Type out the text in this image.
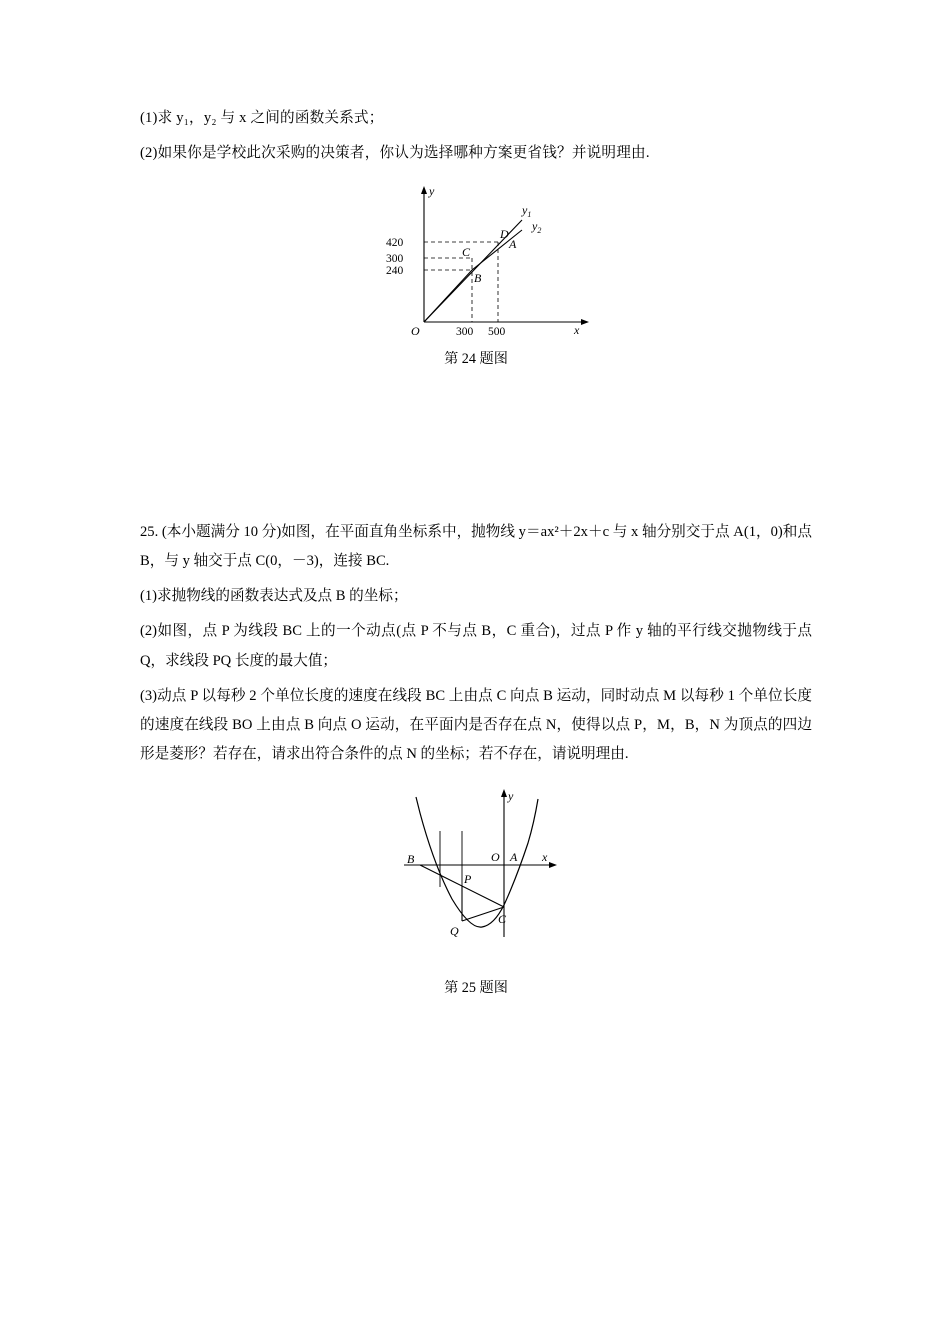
(1)求 y₁，y₂ 与 x 之间的函数关系式；

(2)如果你是学校此次采购的决策者，你认为选择哪种方案更省钱？并说明理由.

420
300
240
300 500
O
y
x
D
A
C
B
$y_1$
$y_2$
第 24 题图

25. (本小题满分 10 分)如图，在平面直角坐标系中，抛物线 y＝ax²＋2x＋c 与 x 轴分别交于点 A(1，0)和点 B，与 y 轴交于点 C(0，－3)，连接 BC.

(1)求抛物线的函数表达式及点 B 的坐标；

(2)如图，点 P 为线段 BC 上的一个动点(点 P 不与点 B，C 重合)，过点 P 作 y 轴的平行线交抛物线于点 Q，求线段 PQ 长度的最大值；

(3)动点 P 以每秒 2 个单位长度的速度在线段 BC 上由点 C 向点 B 运动，同时动点 M 以每秒 1 个单位长度的速度在线段 BO 上由点 B 向点 O 运动，在平面内是否存在点 N，使得以点 P，M，B，N 为顶点的四边形是菱形？若存在，请求出符合条件的点 N 的坐标；若不存在，请说明理由.

B	A
O
P
Q
C
y
x
第 25 题图
